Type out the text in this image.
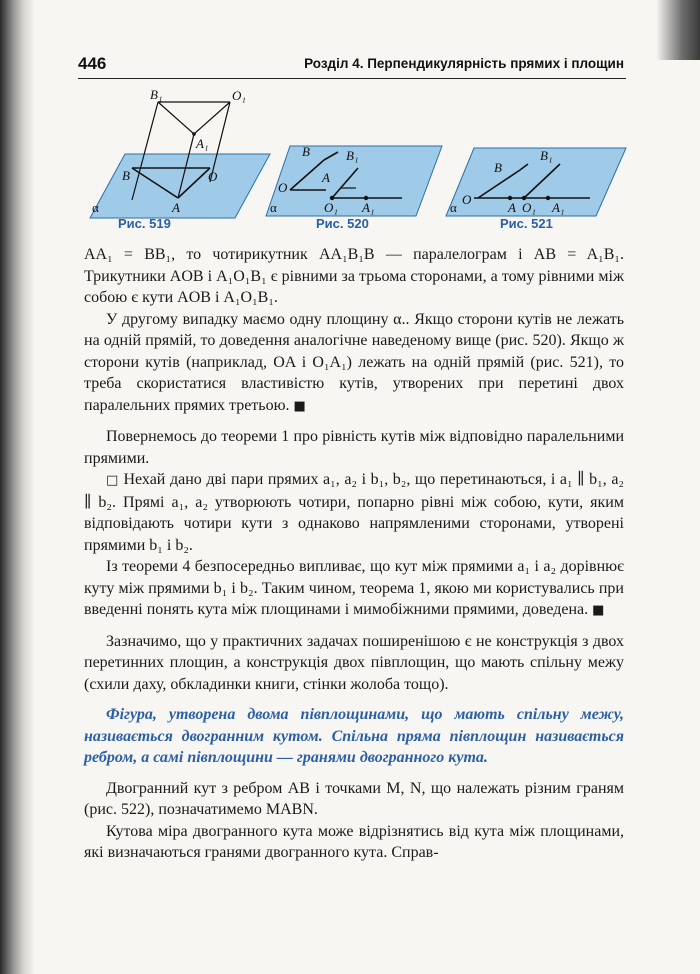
446	Розділ 4. Перпендикулярність прямих і площин
B₁	O₁
A₁
B	O
A
α
B	B₁
A
O
O₁ A₁
α
B
B₁
A
O
O₁ A₁
α
Рис. 519	Рис. 520	Рис. 521

AA₁ = BB₁, то чотирикутник AA₁B₁B — паралелограм і AB = A₁B₁. Трикутники AOB і A₁O₁B₁ є рівними за трьома сторонами, а тому рівними між собою є кути AOB і A₁O₁B₁.

У другому випадку маємо одну площину α.. Якщо сторони кутів не лежать на одній прямій, то доведення аналогічне наведеному вище (рис. 520). Якщо ж сторони кутів (наприклад, OA і O₁A₁) лежать на одній прямій (рис. 521), то треба скористатися властивістю кутів, утворених при перетині двох паралельних прямих третьою. ■

Повернемось до теореми 1 про рівність кутів між відповідно паралельними прямими.

□ Нехай дано дві пари прямих a₁, a₂ і b₁, b₂, що перетинаються, і a₁ ∥ b₁, a₂ ∥ b₂. Прямі a₁, a₂ утворюють чотири, попарно рівні між собою, кути, яким відповідають чотири кути з однаково напрямленими сторонами, утворені прямими b₁ і b₂.

Із теореми 4 безпосередньо випливає, що кут між прямими a₁ і a₂ дорівнює куту між прямими b₁ і b₂. Таким чином, теорема 1, якою ми користувались при введенні понять кута між площинами і мимобіжними прямими, доведена. ■

Зазначимо, що у практичних задачах поширенішою є не конструкція з двох перетинних площин, а конструкція двох півплощин, що мають спільну межу (схили даху, обкладинки книги, стінки жолоба тощо).

Фігура, утворена двома півплощинами, що мають спільну межу, називається двогранним кутом. Спільна пряма півплощин називається ребром, а самі півплощини — гранями двогранного кута.

Двогранний кут з ребром AB і точками M, N, що належать різним граням (рис. 522), позначатимемо MABN.

Кутова міра двогранного кута може відрізнятись від кута між площинами, які визначаються гранями двогранного кута. Справ-
